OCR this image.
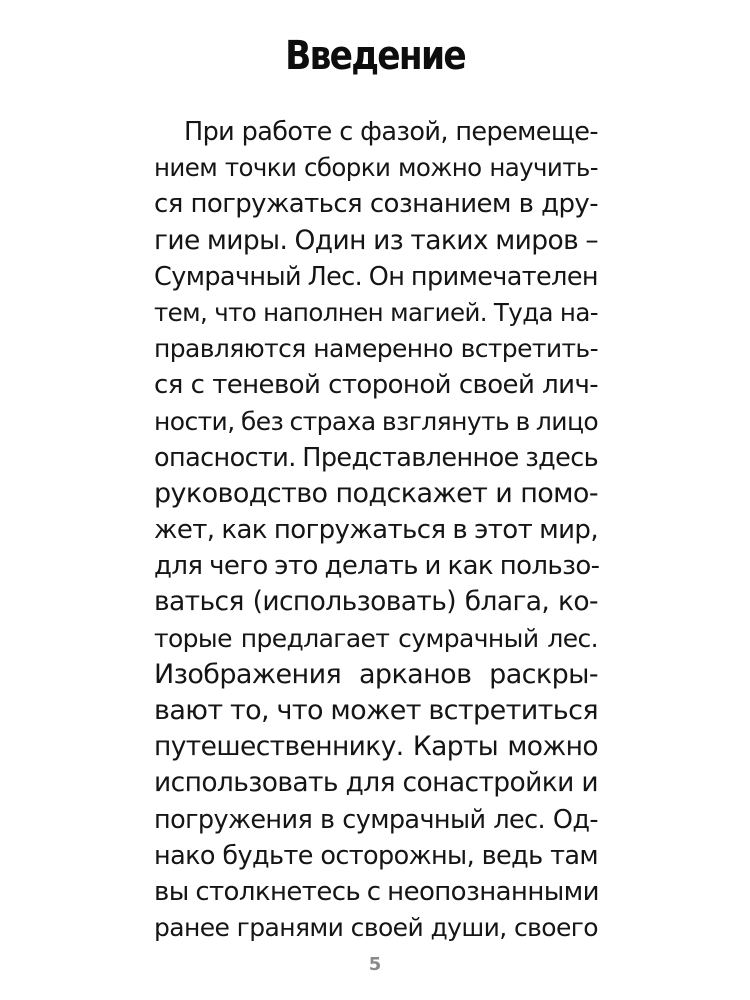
Введение
При работе с фазой, перемеще-
нием точки сборки можно научить-
ся погружаться сознанием в дру-
гие миры. Один из таких миров –
Сумрачный Лес. Он примечателен
тем, что наполнен магией. Туда на-
правляются намеренно встретить-
ся с теневой стороной своей лич-
ности, без страха взглянуть в лицо
опасности. Представленное здесь
руководство подскажет и помо-
жет, как погружаться в этот мир,
для чего это делать и как пользо-
ваться (использовать) блага, ко-
торые предлагает сумрачный лес.
Изображения арканов раскры-
вают то, что может встретиться
путешественнику. Карты можно
использовать для сонастройки и
погружения в сумрачный лес. Од-
нако будьте осторожны, ведь там
вы столкнетесь с неопознанными
ранее гранями своей души, своего
5
